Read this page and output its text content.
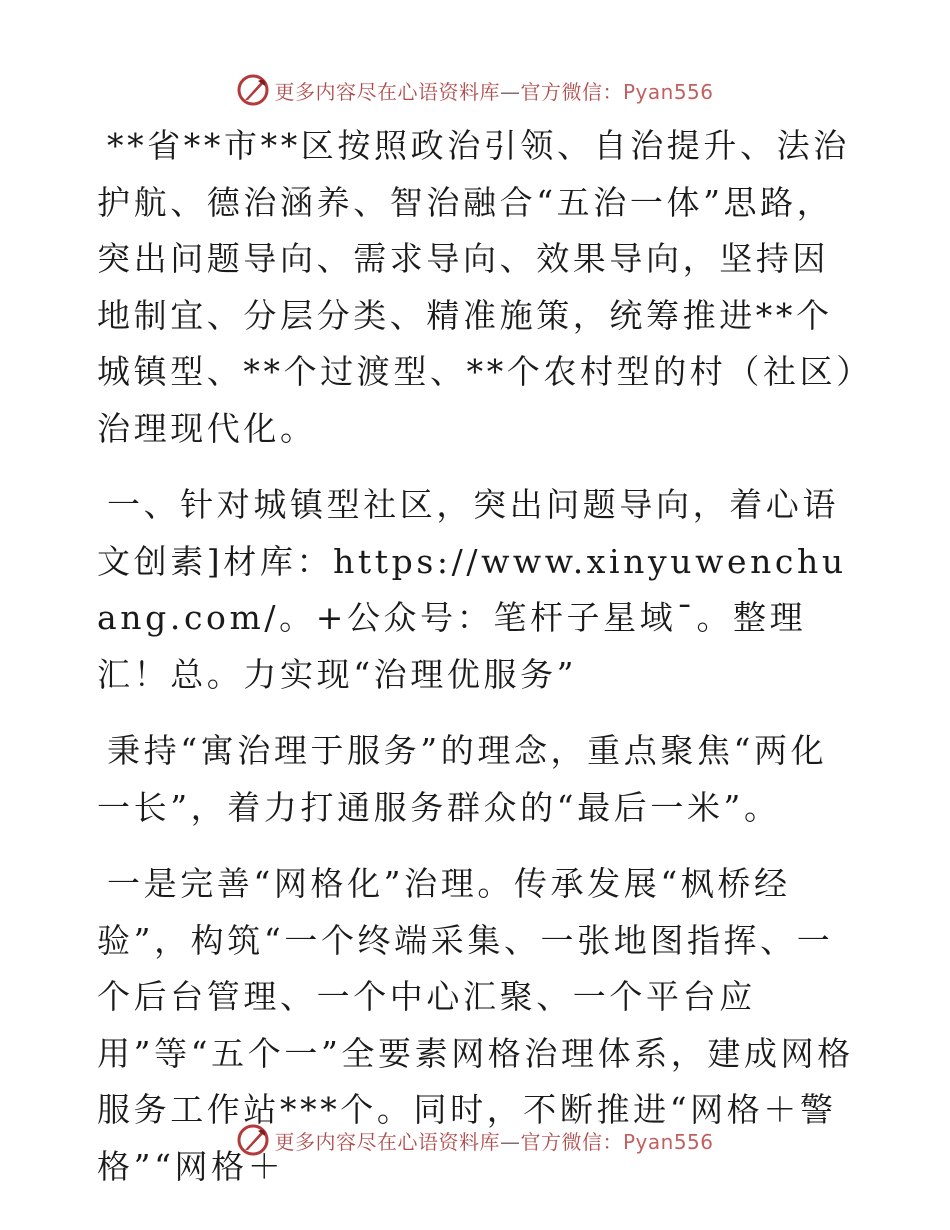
更多内容尽在心语资料库—官方微信：Pyan556

**省**市**区按照政治引领、自治提升、法治护航、德治涵养、智治融合“五治一体”思路，突出问题导向、需求导向、效果导向，坚持因地制宜、分层分类、精准施策，统筹推进**个城镇型、**个过渡型、**个农村型的村（社区）治理现代化。

一、针对城镇型社区，突出问题导向，着心语文创素]材库：https://www.xinyuwenchuang.com/。+公众号：笔杆子星域¯。整理汇！总。力实现“治理优服务”

秉持“寓治理于服务”的理念，重点聚焦“两化一长”，着力打通服务群众的“最后一米”。

一是完善“网格化”治理。传承发展“枫桥经验”，构筑“一个终端采集、一张地图指挥、一个后台管理、一个中心汇聚、一个平台应用”等“五个一”全要素网格治理体系，建成网格服务工作站***个。同时，不断推进“网格＋警格”“网格＋

更多内容尽在心语资料库—官方微信：Pyan556
